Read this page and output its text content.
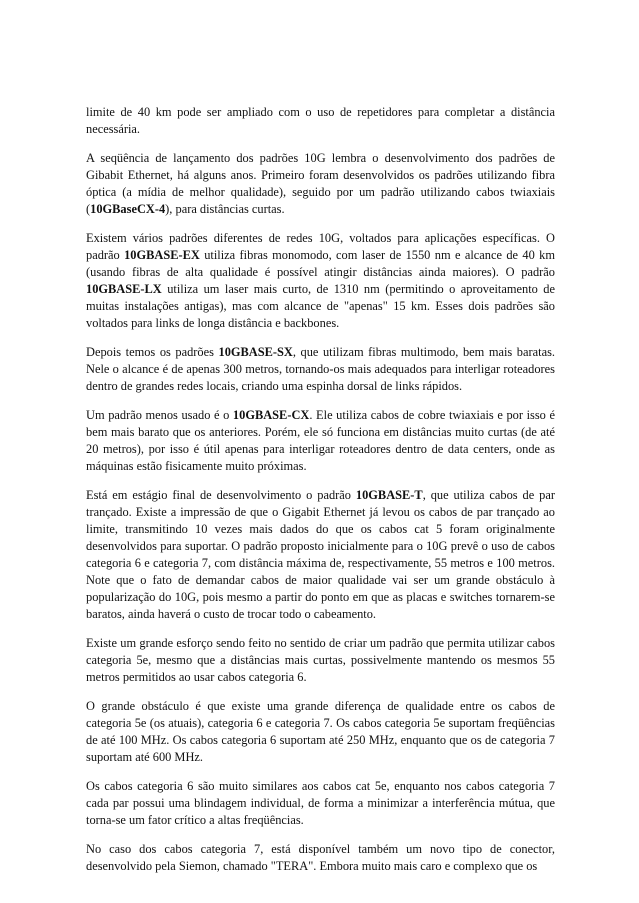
limite de 40 km pode ser ampliado com o uso de repetidores para completar a distância necessária.

A seqüência de lançamento dos padrões 10G lembra o desenvolvimento dos padrões de Gibabit Ethernet, há alguns anos. Primeiro foram desenvolvidos os padrões utilizando fibra óptica (a mídia de melhor qualidade), seguido por um padrão utilizando cabos twiaxiais (10GBaseCX-4), para distâncias curtas.

Existem vários padrões diferentes de redes 10G, voltados para aplicações específicas. O padrão 10GBASE-EX utiliza fibras monomodo, com laser de 1550 nm e alcance de 40 km (usando fibras de alta qualidade é possível atingir distâncias ainda maiores). O padrão 10GBASE-LX utiliza um laser mais curto, de 1310 nm (permitindo o aproveitamento de muitas instalações antigas), mas com alcance de "apenas" 15 km. Esses dois padrões são voltados para links de longa distância e backbones.

Depois temos os padrões 10GBASE-SX, que utilizam fibras multimodo, bem mais baratas. Nele o alcance é de apenas 300 metros, tornando-os mais adequados para interligar roteadores dentro de grandes redes locais, criando uma espinha dorsal de links rápidos.

Um padrão menos usado é o 10GBASE-CX. Ele utiliza cabos de cobre twiaxiais e por isso é bem mais barato que os anteriores. Porém, ele só funciona em distâncias muito curtas (de até 20 metros), por isso é útil apenas para interligar roteadores dentro de data centers, onde as máquinas estão fisicamente muito próximas.

Está em estágio final de desenvolvimento o padrão 10GBASE-T, que utiliza cabos de par trançado. Existe a impressão de que o Gigabit Ethernet já levou os cabos de par trançado ao limite, transmitindo 10 vezes mais dados do que os cabos cat 5 foram originalmente desenvolvidos para suportar. O padrão proposto inicialmente para o 10G prevê o uso de cabos categoria 6 e categoria 7, com distância máxima de, respectivamente, 55 metros e 100 metros. Note que o fato de demandar cabos de maior qualidade vai ser um grande obstáculo à popularização do 10G, pois mesmo a partir do ponto em que as placas e switches tornarem-se baratos, ainda haverá o custo de trocar todo o cabeamento.

Existe um grande esforço sendo feito no sentido de criar um padrão que permita utilizar cabos categoria 5e, mesmo que a distâncias mais curtas, possivelmente mantendo os mesmos 55 metros permitidos ao usar cabos categoria 6.

O grande obstáculo é que existe uma grande diferença de qualidade entre os cabos de categoria 5e (os atuais), categoria 6 e categoria 7. Os cabos categoria 5e suportam freqüências de até 100 MHz. Os cabos categoria 6 suportam até 250 MHz, enquanto que os de categoria 7 suportam até 600 MHz.

Os cabos categoria 6 são muito similares aos cabos cat 5e, enquanto nos cabos categoria 7 cada par possui uma blindagem individual, de forma a minimizar a interferência mútua, que torna-se um fator crítico a altas freqüências.

No caso dos cabos categoria 7, está disponível também um novo tipo de conector, desenvolvido pela Siemon, chamado "TERA". Embora muito mais caro e complexo que os
